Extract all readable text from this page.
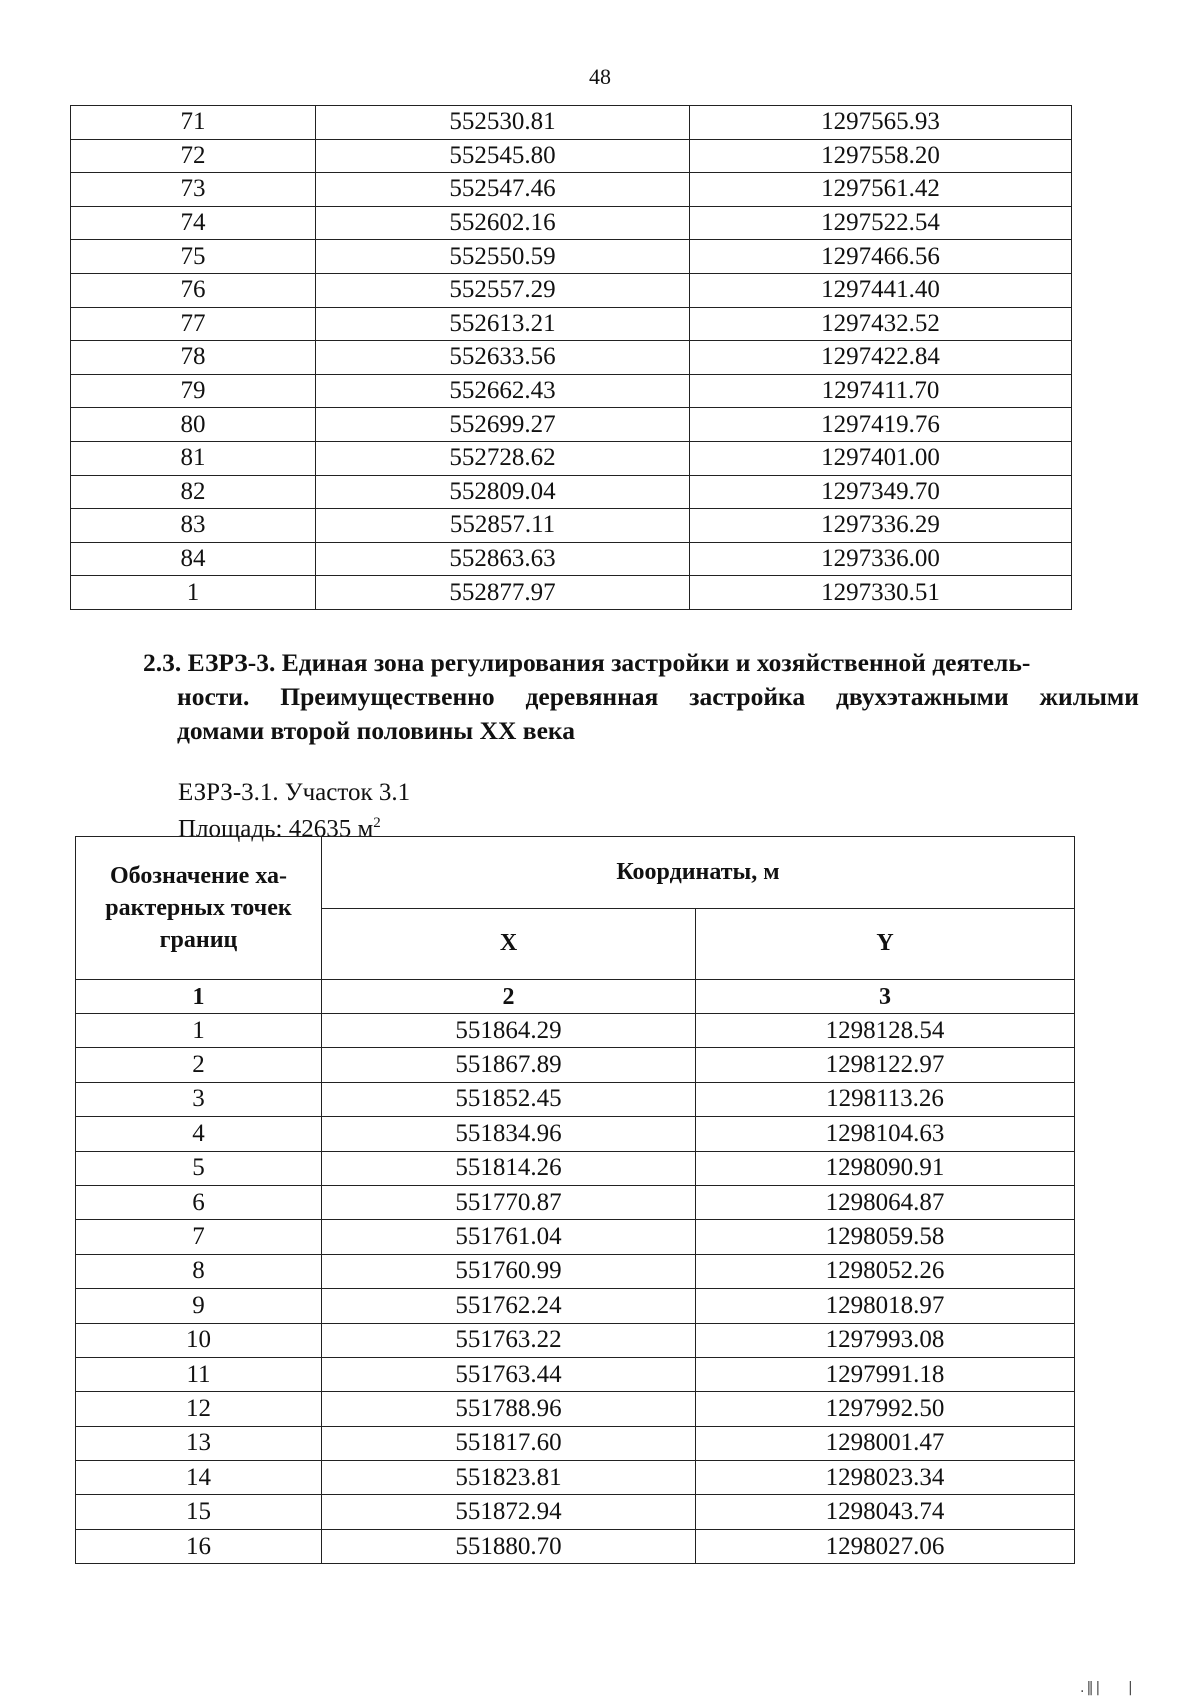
48
71	552530.81	1297565.93
72	552545.80	1297558.20
73	552547.46	1297561.42
74	552602.16	1297522.54
75	552550.59	1297466.56
76	552557.29	1297441.40
77	552613.21	1297432.52
78	552633.56	1297422.84
79	552662.43	1297411.70
80	552699.27	1297419.76
81	552728.62	1297401.00
82	552809.04	1297349.70
83	552857.11	1297336.29
84	552863.63	1297336.00
1	552877.97	1297330.51
2.3. ЕЗРЗ-3. Единая зона регулирования застройки и хозяйственной деятель-
ности. Преимущественно деревянная застройка двухэтажными жилыми
домами второй половины XX века
ЕЗРЗ-3.1. Участок 3.1
Площадь: 42635 $м^2$
Обозначение ха-
рактерных точек
границ	Координаты, м	
	X	Y
1	2	3
1	551864.29	1298128.54
2	551867.89	1298122.97
3	551852.45	1298113.26
4	551834.96	1298104.63
5	551814.26	1298090.91
6	551770.87	1298064.87
7	551761.04	1298059.58
8	551760.99	1298052.26
9	551762.24	1298018.97
10	551763.22	1297993.08
11	551763.44	1297991.18
12	551788.96	1297992.50
13	551817.60	1298001.47
14	551823.81	1298023.34
15	551872.94	1298043.74
16	551880.70	1298027.06
.‖|    |
